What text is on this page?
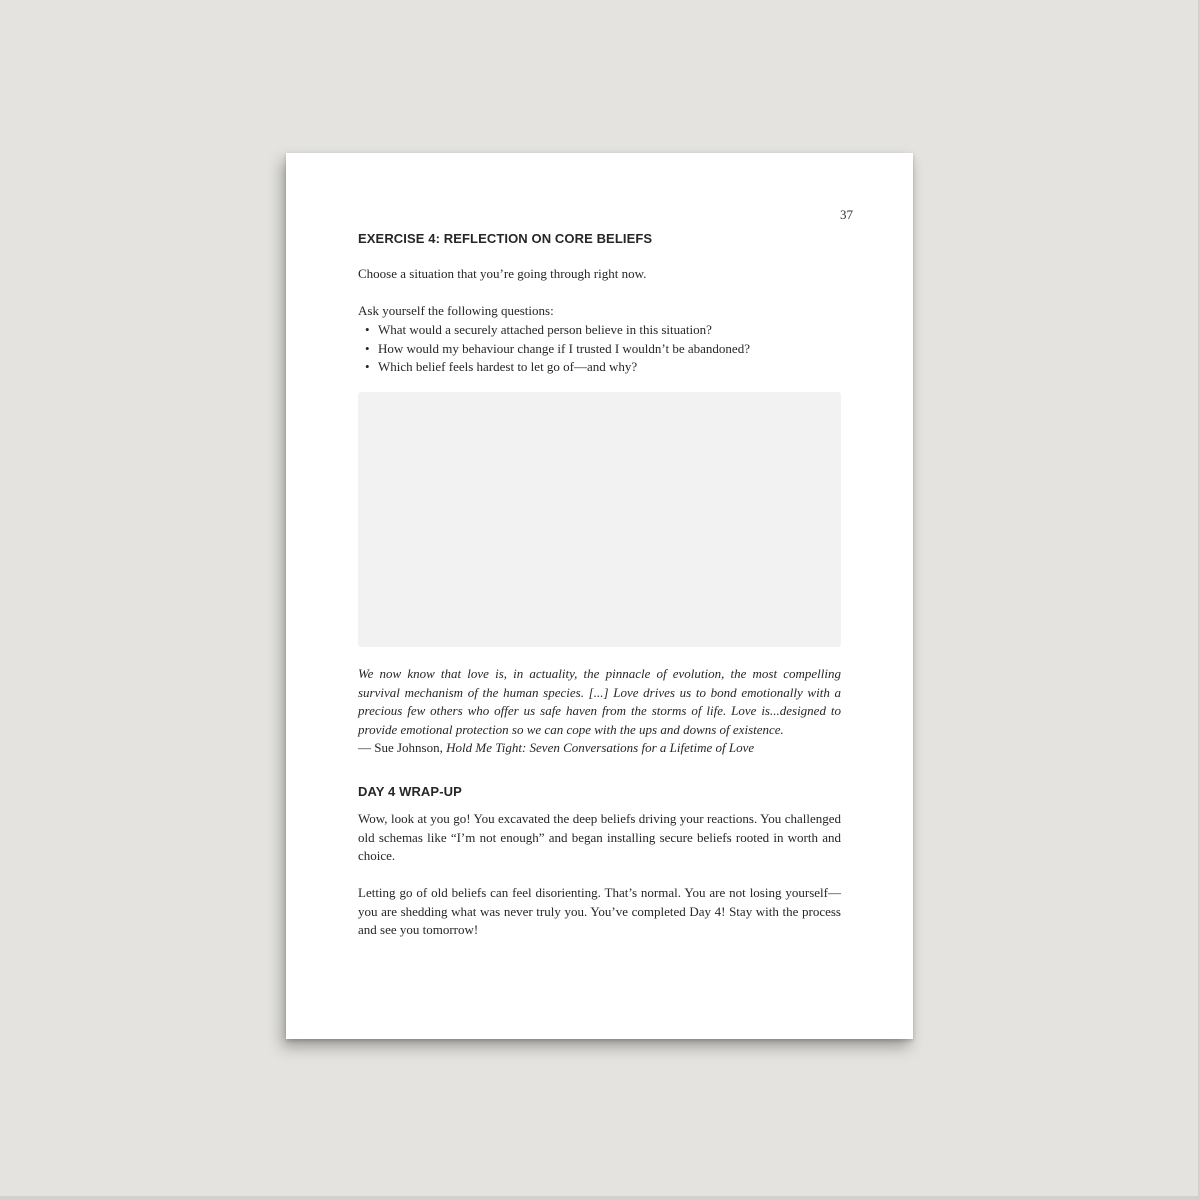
37
EXERCISE 4: REFLECTION ON CORE BELIEFS

Choose a situation that you’re going through right now.

Ask yourself the following questions:

• What would a securely attached person believe in this situation?
• How would my behaviour change if I trusted I wouldn’t be abandoned?
• Which belief feels hardest to let go of—and why?
We now know that love is, in actuality, the pinnacle of evolution, the most compelling survival mechanism of the human species. [...] Love drives us to bond emotionally with a precious few others who offer us safe haven from the storms of life. Love is...designed to provide emotional protection so we can cope with the ups and downs of existence.
— Sue Johnson, Hold Me Tight: Seven Conversations for a Lifetime of Love
DAY 4 WRAP-UP

Wow, look at you go! You excavated the deep beliefs driving your reactions. You challenged old schemas like “I’m not enough” and began installing secure beliefs rooted in worth and choice.

Letting go of old beliefs can feel disorienting. That’s normal. You are not losing yourself—you are shedding what was never truly you. You’ve completed Day 4! Stay with the process and see you tomorrow!
